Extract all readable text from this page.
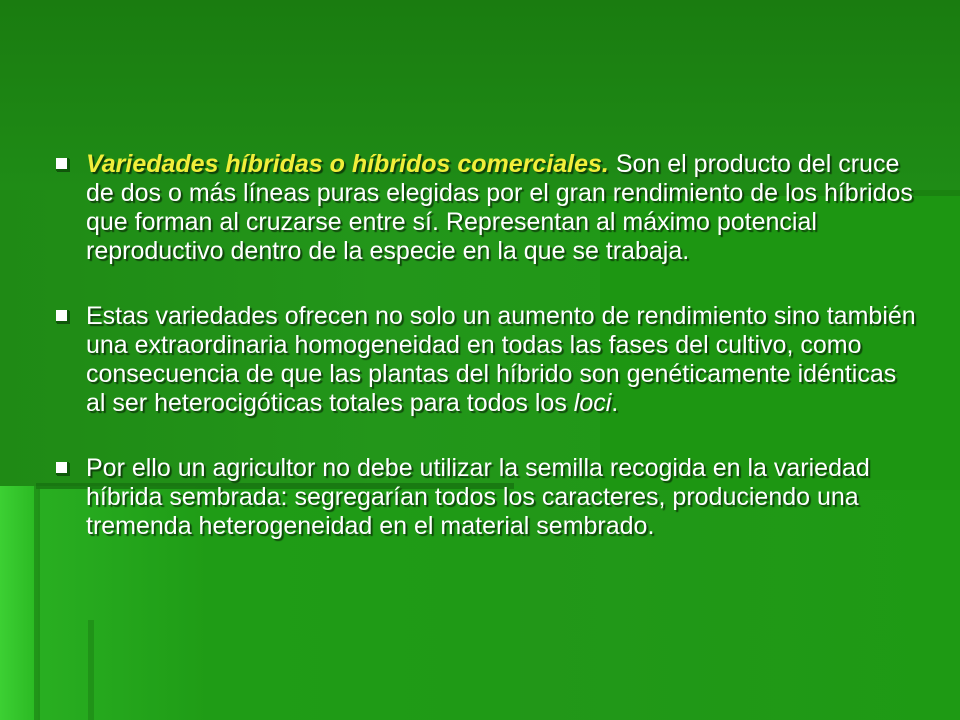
Variedades híbridas o híbridos comerciales. Son el producto del cruce de dos o más líneas puras elegidas por el gran rendimiento de los híbridos que forman al cruzarse entre sí. Representan al máximo potencial reproductivo dentro de la especie en la que se trabaja.
Estas variedades ofrecen no solo un aumento de rendimiento sino también una extraordinaria homogeneidad en todas las fases del cultivo, como consecuencia de que las plantas del híbrido son genéticamente idénticas al ser heterocigóticas totales para todos los loci.
Por ello un agricultor no debe utilizar la semilla recogida en la variedad híbrida sembrada: segregarían todos los caracteres, produciendo una tremenda heterogeneidad en el material sembrado.
